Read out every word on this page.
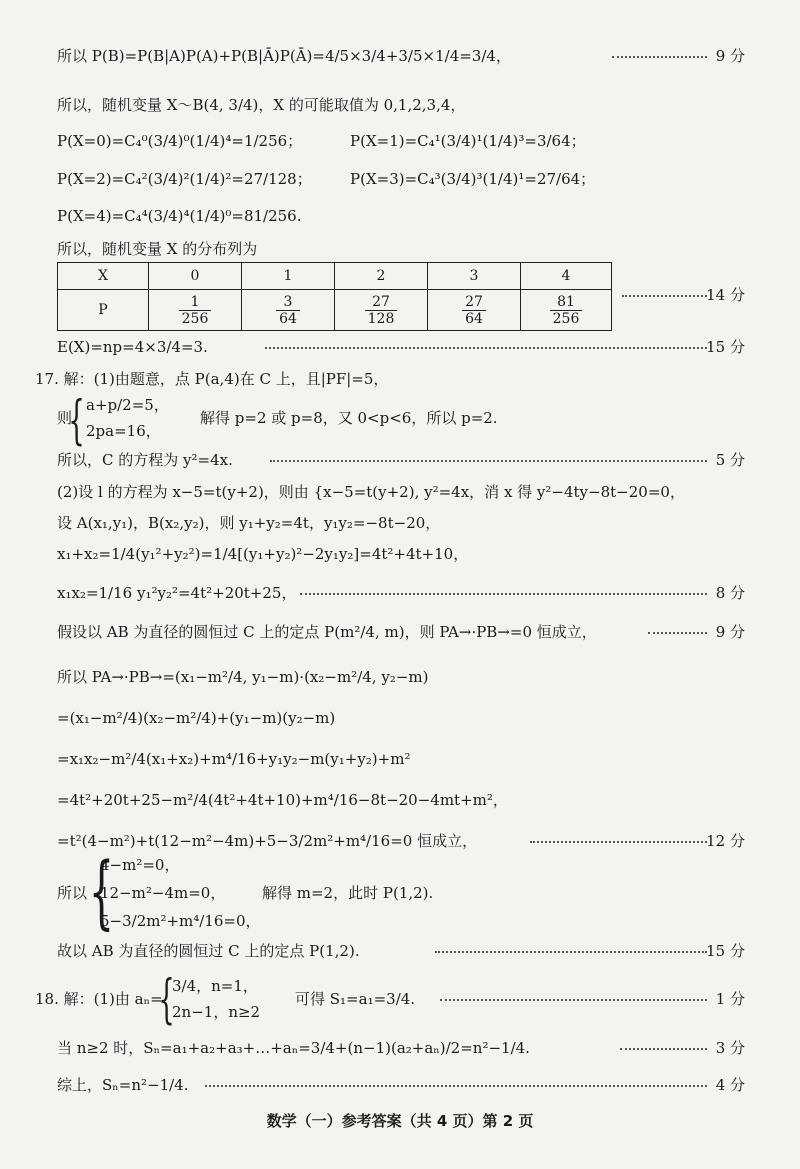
所以 P(B)=P(B|A)P(A)+P(B|Ā)P(Ā)=4/5×3/4+3/5×1/4=3/4，	9 分
所以，随机变量 X～B(4, 3/4)，X 的可能取值为 0,1,2,3,4，
P(X=0)=C₄⁰(3/4)⁰(1/4)⁴=1/256；	P(X=1)=C₄¹(3/4)¹(1/4)³=3/64；
P(X=2)=C₄²(3/4)²(1/4)²=27/128；	P(X=3)=C₄³(3/4)³(1/4)¹=27/64；
P(X=4)=C₄⁴(3/4)⁴(1/4)⁰=81/256.
所以，随机变量 X 的分布列为
X	0	1	2	3	4
P	$\frac{1}{256}$	$\frac{3}{64}$	$\frac{27}{128}$	$\frac{27}{64}$	$\frac{81}{256}$	14 分
E(X)=np=4×3/4=3.	15 分
17. 解：(1)由题意，点 P(a,4)在 C 上，且|PF|=5，
则
{ a+p/2=5，
2pa=16，
解得 p=2 或 p=8，又 0<p<6，所以 p=2.
所以，C 的方程为 y²=4x.	5 分
(2)设 l 的方程为 x−5=t(y+2)，则由 {x−5=t(y+2), y²=4x，消 x 得 y²−4ty−8t−20=0，
设 A(x₁,y₁)，B(x₂,y₂)，则 y₁+y₂=4t，y₁y₂=−8t−20，
x₁+x₂=1/4(y₁²+y₂²)=1/4[(y₁+y₂)²−2y₁y₂]=4t²+4t+10，
x₁x₂=1/16 y₁²y₂²=4t²+20t+25，	8 分
假设以 AB 为直径的圆恒过 C 上的定点 P(m²/4, m)，则 PA→·PB→=0 恒成立，	9 分
所以 PA→·PB→=(x₁−m²/4, y₁−m)·(x₂−m²/4, y₂−m)
=(x₁−m²/4)(x₂−m²/4)+(y₁−m)(y₂−m)
=x₁x₂−m²/4(x₁+x₂)+m⁴/16+y₁y₂−m(y₁+y₂)+m²
=4t²+20t+25−m²/4(4t²+4t+10)+m⁴/16−8t−20−4mt+m²，
=t²(4−m²)+t(12−m²−4m)+5−3/2m²+m⁴/16=0 恒成立，	12 分
所以 {
4−m²=0，
12−m²−4m=0，
5−3/2m²+m⁴/16=0，
解得 m=2，此时 P(1,2).
故以 AB 为直径的圆恒过 C 上的定点 P(1,2).	15 分
18. 解：(1)由 aₙ=
{
3/4，n=1，
2n−1，n≥2
可得 S₁=a₁=3/4.	1 分
当 n≥2 时，Sₙ=a₁+a₂+a₃+…+aₙ=3/4+(n−1)(a₂+aₙ)/2=n²−1/4.	3 分
综上，Sₙ=n²−1/4.	4 分
数学（一）参考答案（共 4 页）第 2 页
